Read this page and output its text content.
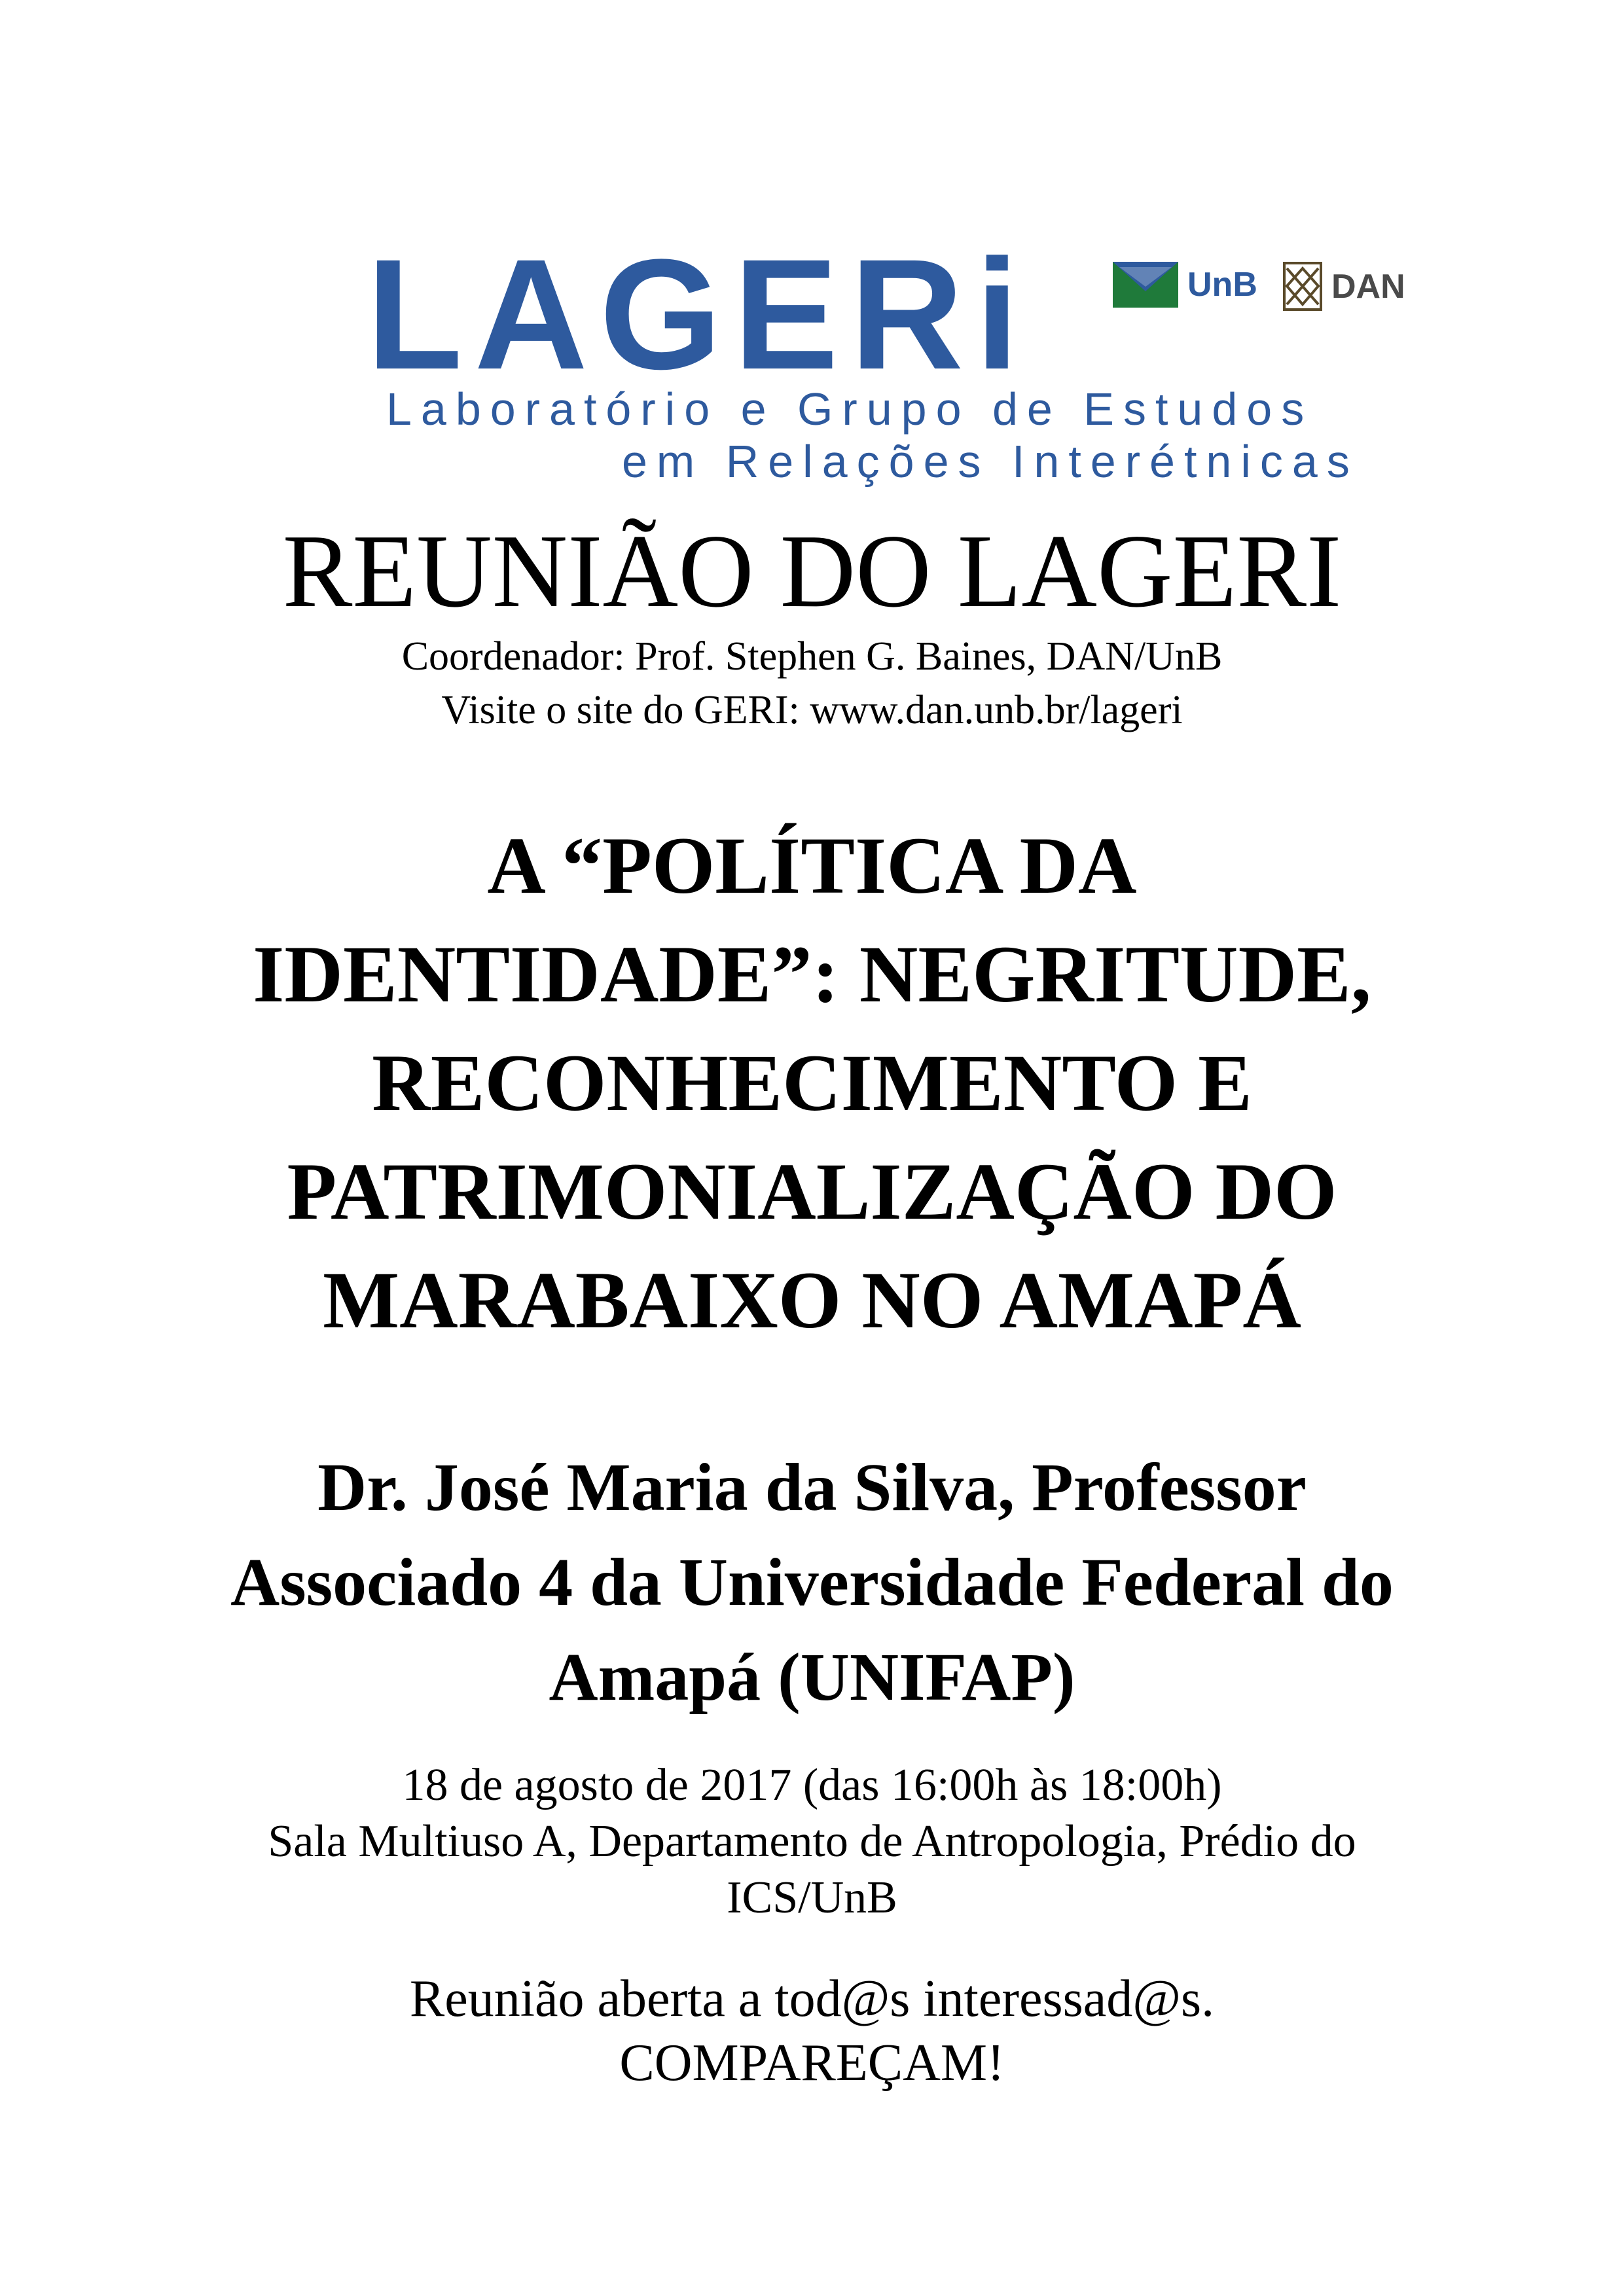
LAGERi	UnB DAN
Laboratório e Grupo de Estudos
em Relações Interétnicas
REUNIÃO DO LAGERI
Coordenador: Prof. Stephen G. Baines, DAN/UnB
Visite o site do GERI: www.dan.unb.br/lageri
A “POLÍTICA DA
IDENTIDADE”: NEGRITUDE,
RECONHECIMENTO E
PATRIMONIALIZAÇÃO DO
MARABAIXO NO AMAPÁ
Dr. José Maria da Silva, Professor
Associado 4 da Universidade Federal do
Amapá (UNIFAP)
18 de agosto de 2017 (das 16:00h às 18:00h)
Sala Multiuso A, Departamento de Antropologia, Prédio do
ICS/UnB
Reunião aberta a tod@s interessad@s.
COMPAREÇAM!
